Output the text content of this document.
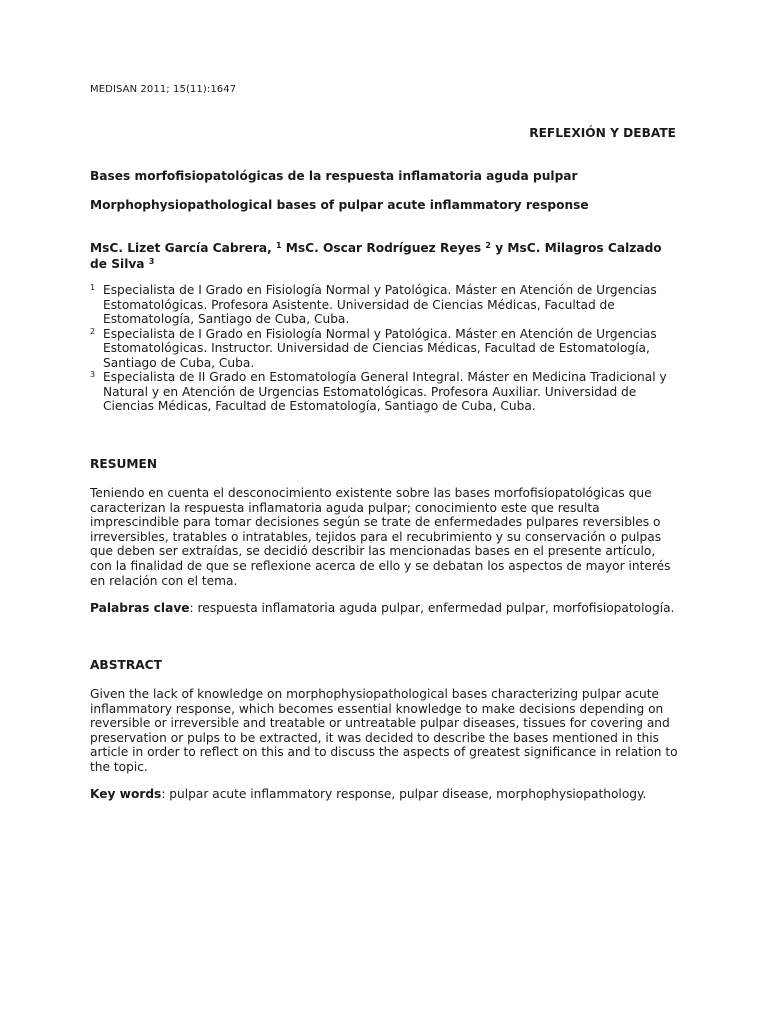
MEDISAN 2011; 15(11):1647
REFLEXIÓN Y DEBATE
Bases morfofisiopatológicas de la respuesta inflamatoria aguda pulpar
Morphophysiopathological bases of pulpar acute inflammatory response
MsC. Lizet García Cabrera, $^1$ MsC. Oscar Rodríguez Reyes $^2$ y MsC. Milagros Calzado de Silva $^3$
1 Especialista de I Grado en Fisiología Normal y Patológica. Máster en Atención de Urgencias Estomatológicas. Profesora Asistente. Universidad de Ciencias Médicas, Facultad de Estomatología, Santiago de Cuba, Cuba.
2 Especialista de I Grado en Fisiología Normal y Patológica. Máster en Atención de Urgencias Estomatológicas. Instructor. Universidad de Ciencias Médicas, Facultad de Estomatología, Santiago de Cuba, Cuba.
3 Especialista de II Grado en Estomatología General Integral. Máster en Medicina Tradicional y Natural y en Atención de Urgencias Estomatológicas. Profesora Auxiliar. Universidad de Ciencias Médicas, Facultad de Estomatología, Santiago de Cuba, Cuba.
RESUMEN
Teniendo en cuenta el desconocimiento existente sobre las bases morfofisiopatológicas que caracterizan la respuesta inflamatoria aguda pulpar; conocimiento este que resulta imprescindible para tomar decisiones según se trate de enfermedades pulpares reversibles o irreversibles, tratables o intratables, tejidos para el recubrimiento y su conservación o pulpas que deben ser extraídas, se decidió describir las mencionadas bases en el presente artículo, con la finalidad de que se reflexione acerca de ello y se debatan los aspectos de mayor interés en relación con el tema.
Palabras clave: respuesta inflamatoria aguda pulpar, enfermedad pulpar, morfofisiopatología.
ABSTRACT
Given the lack of knowledge on morphophysiopathological bases characterizing pulpar acute inflammatory response, which becomes essential knowledge to make decisions depending on reversible or irreversible and treatable or untreatable pulpar diseases, tissues for covering and preservation or pulps to be extracted, it was decided to describe the bases mentioned in this article in order to reflect on this and to discuss the aspects of greatest significance in relation to the topic.
Key words: pulpar acute inflammatory response, pulpar disease, morphophysiopathology.
